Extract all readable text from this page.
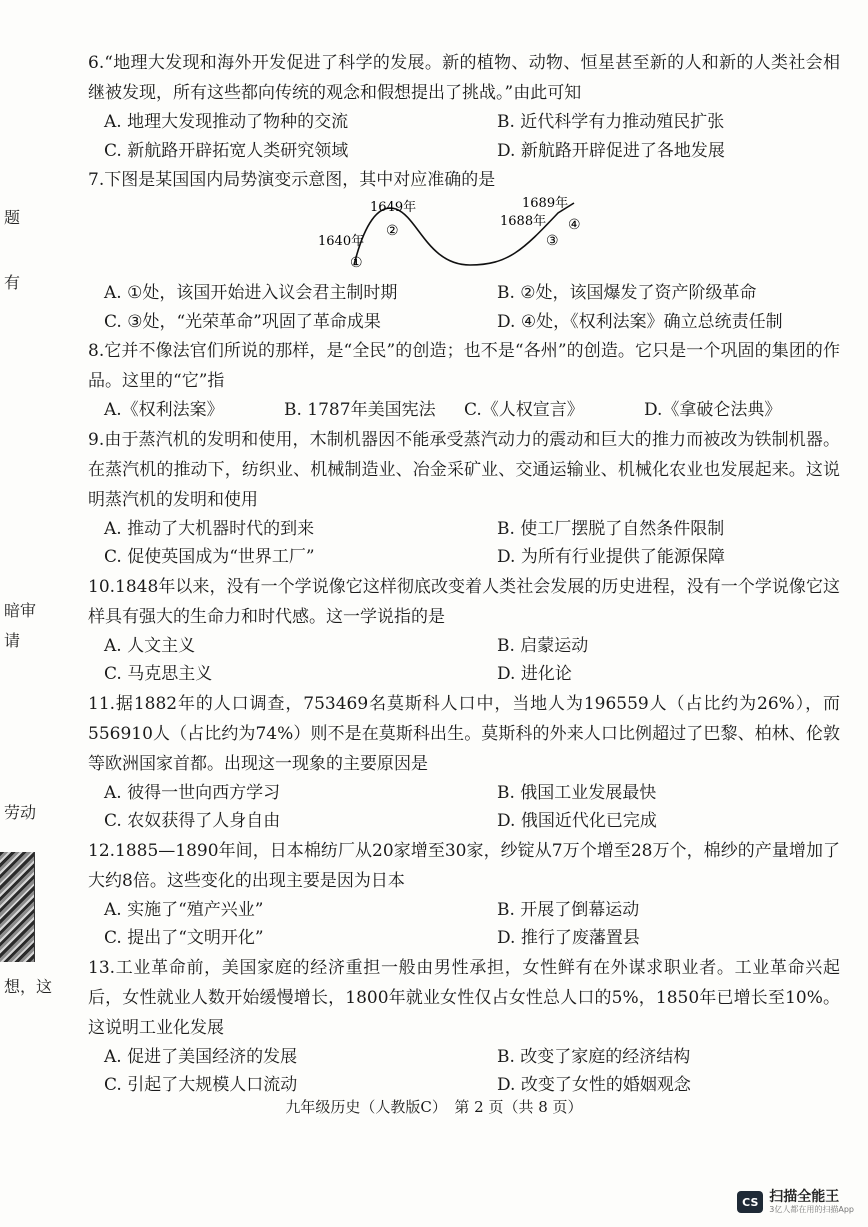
题
有
暗审
请
劳动
想，这
6.“地理大发现和海外开发促进了科学的发展。新的植物、动物、恒星甚至新的人和新的人类社会相继被发现，所有这些都向传统的观念和假想提出了挑战。”由此可知
A. 地理大发现推动了物种的交流	B. 近代科学有力推动殖民扩张
C. 新航路开辟拓宽人类研究领域	D. 新航路开辟促进了各地发展
7.下图是某国国内局势演变示意图，其中对应准确的是
1640年
①
1649年
②
1688年
③
1689年
④
A. ①处，该国开始进入议会君主制时期	B. ②处，该国爆发了资产阶级革命
C. ③处，“光荣革命”巩固了革命成果	D. ④处，《权利法案》确立总统责任制
8.它并不像法官们所说的那样，是“全民”的创造；也不是“各州”的创造。它只是一个巩固的集团的作品。这里的“它”指
A.《权利法案》	B. 1787年美国宪法	C.《人权宣言》	D.《拿破仑法典》
9.由于蒸汽机的发明和使用，木制机器因不能承受蒸汽动力的震动和巨大的推力而被改为铁制机器。在蒸汽机的推动下，纺织业、机械制造业、冶金采矿业、交通运输业、机械化农业也发展起来。这说明蒸汽机的发明和使用
A. 推动了大机器时代的到来	B. 使工厂摆脱了自然条件限制
C. 促使英国成为“世界工厂”	D. 为所有行业提供了能源保障
10.1848年以来，没有一个学说像它这样彻底改变着人类社会发展的历史进程，没有一个学说像它这样具有强大的生命力和时代感。这一学说指的是
A. 人文主义	B. 启蒙运动
C. 马克思主义	D. 进化论
11.据1882年的人口调查，753469名莫斯科人口中，当地人为196559人（占比约为26%），而556910人（占比约为74%）则不是在莫斯科出生。莫斯科的外来人口比例超过了巴黎、柏林、伦敦等欧洲国家首都。出现这一现象的主要原因是
A. 彼得一世向西方学习	B. 俄国工业发展最快
C. 农奴获得了人身自由	D. 俄国近代化已完成
12.1885—1890年间，日本棉纺厂从20家增至30家，纱锭从7万个增至28万个，棉纱的产量增加了大约8倍。这些变化的出现主要是因为日本
A. 实施了“殖产兴业”	B. 开展了倒幕运动
C. 提出了“文明开化”	D. 推行了废藩置县
13.工业革命前，美国家庭的经济重担一般由男性承担，女性鲜有在外谋求职业者。工业革命兴起后，女性就业人数开始缓慢增长，1800年就业女性仅占女性总人口的5%，1850年已增长至10%。这说明工业化发展
A. 促进了美国经济的发展	B. 改变了家庭的经济结构
C. 引起了大规模人口流动	D. 改变了女性的婚姻观念
九年级历史（人教版C）　第 2 页（共 8 页）
CS 扫描全能王
3亿人都在用的扫描App
